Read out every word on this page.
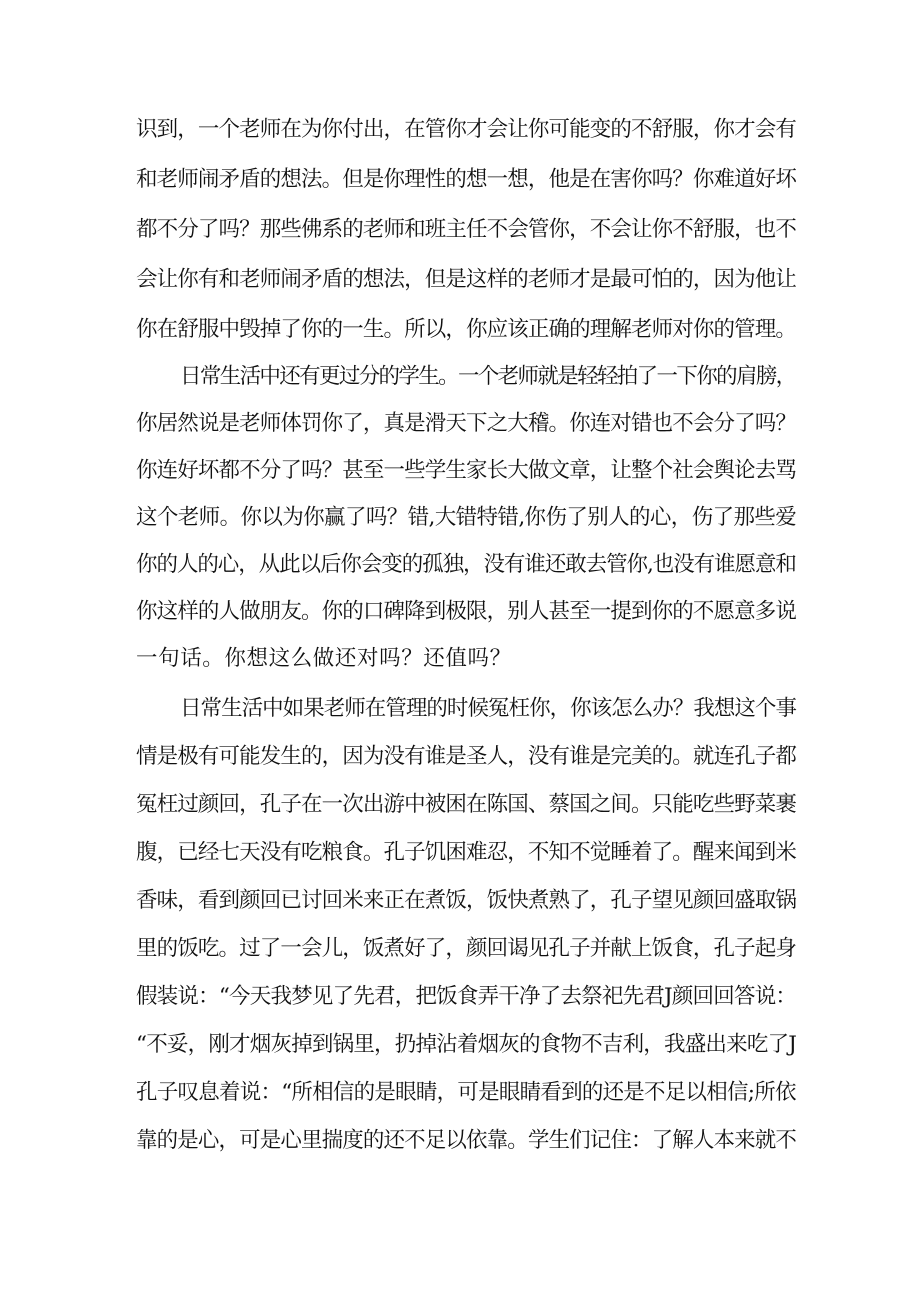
识到，一个老师在为你付出，在管你才会让你可能变的不舒服，你才会有
和老师闹矛盾的想法。但是你理性的想一想，他是在害你吗？你难道好坏
都不分了吗？那些佛系的老师和班主任不会管你，不会让你不舒服，也不
会让你有和老师闹矛盾的想法，但是这样的老师才是最可怕的，因为他让
你在舒服中毁掉了你的一生。所以，你应该正确的理解老师对你的管理。
日常生活中还有更过分的学生。一个老师就是轻轻拍了一下你的肩膀，
你居然说是老师体罚你了，真是滑天下之大稽。你连对错也不会分了吗？
你连好坏都不分了吗？甚至一些学生家长大做文章，让整个社会舆论去骂
这个老师。你以为你赢了吗？错,大错特错,你伤了别人的心，伤了那些爱
你的人的心，从此以后你会变的孤独，没有谁还敢去管你,也没有谁愿意和
你这样的人做朋友。你的口碑降到极限，别人甚至一提到你的不愿意多说
一句话。你想这么做还对吗？还值吗？
日常生活中如果老师在管理的时候冤枉你，你该怎么办？我想这个事
情是极有可能发生的，因为没有谁是圣人，没有谁是完美的。就连孔子都
冤枉过颜回，孔子在一次出游中被困在陈国、蔡国之间。只能吃些野菜裹
腹，已经七天没有吃粮食。孔子饥困难忍，不知不觉睡着了。醒来闻到米
香味，看到颜回已讨回米来正在煮饭，饭快煮熟了，孔子望见颜回盛取锅
里的饭吃。过了一会儿，饭煮好了，颜回谒见孔子并献上饭食，孔子起身
假装说：“今天我梦见了先君，把饭食弄干净了去祭祀先君J颜回回答说：
“不妥，刚才烟灰掉到锅里，扔掉沾着烟灰的食物不吉利，我盛出来吃了J
孔子叹息着说：“所相信的是眼睛，可是眼睛看到的还是不足以相信;所依
靠的是心，可是心里揣度的还不足以依靠。学生们记住：了解人本来就不
